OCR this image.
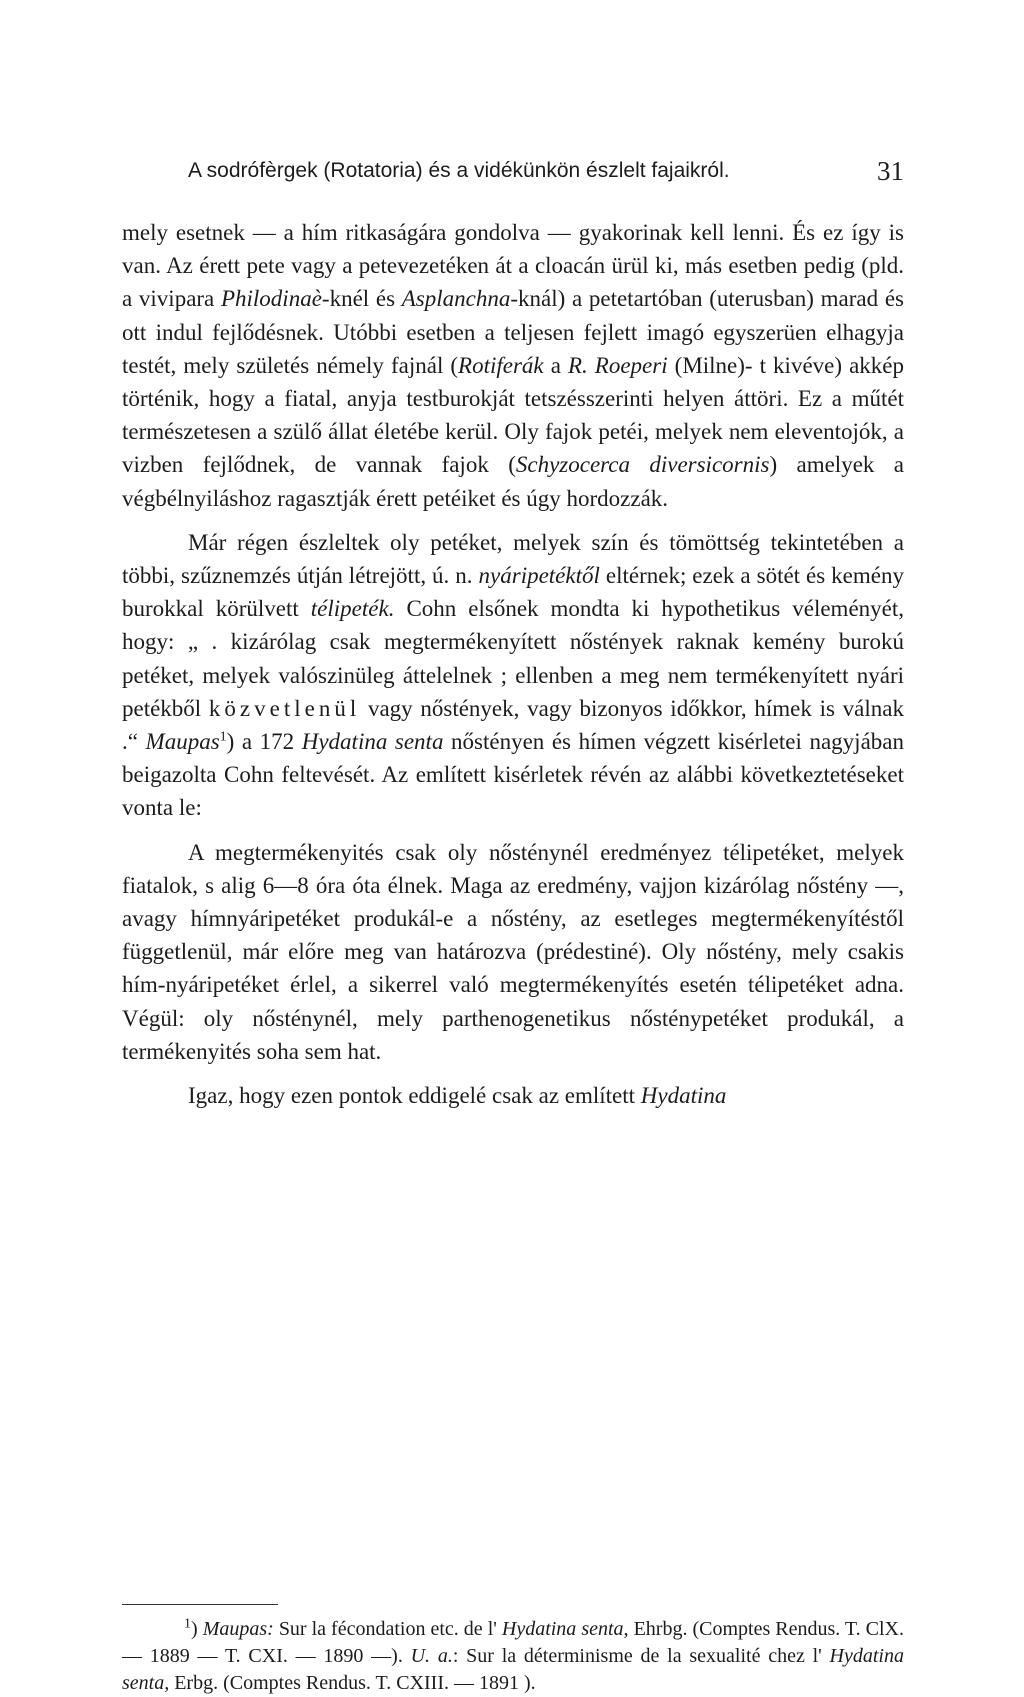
A sodrófèrgek (Rotatoria) és a vidékünkön észlelt fajaikról.	31

mely esetnek — a hím ritkaságára gondolva — gyakorinak kell lenni. És ez így is van. Az érett pete vagy a petevezetéken át a cloacán ürül ki, más esetben pedig (pld. a vivipara Philodinaè-knél és Asplanchna-knál) a petetartóban (uterusban) marad és ott indul fejlődésnek. Utóbbi esetben a teljesen fejlett imagó egyszerüen elhagyja testét, mely születés némely fajnál (Rotiferák a R. Roeperi (Milne)- t kivéve) akkép történik, hogy a fiatal, anyja testburokját tetszésszerinti helyen áttöri. Ez a műtét természetesen a szülő állat életébe kerül. Oly fajok petéi, melyek nem eleventojók, a vizben fejlődnek, de vannak fajok (Schyzocerca diversicornis) amelyek a végbélnyiláshoz ragasztják érett petéiket és úgy hordozzák.

Már régen észleltek oly petéket, melyek szín és tömöttség tekintetében a többi, szűznemzés útján létrejött, ú. n. nyáripetéktől eltérnek; ezek a sötét és kemény burokkal körülvett télipeték. Cohn elsőnek mondta ki hypothetikus véleményét, hogy: „ . kizárólag csak megtermékenyített nőstények raknak kemény burokú petéket, melyek valószinüleg áttelelnek ; ellenben a meg nem termékenyített nyári petékből közvetlenül vagy nőstények, vagy bizonyos időkkor, hímek is válnak .“ Maupas$^1$) a 172 Hydatina senta nőstényen és hímen végzett kisérletei nagyjában beigazolta Cohn feltevését. Az említett kisérletek révén az alábbi következtetéseket vonta le:

A megtermékenyités csak oly nősténynél eredményez télipetéket, melyek fiatalok, s alig 6—8 óra óta élnek. Maga az eredmény, vajjon kizárólag nőstény —, avagy hímnyáripetéket produkál-e a nőstény, az esetleges megtermékenyítéstől függetlenül, már előre meg van határozva (prédestiné). Oly nőstény, mely csakis hím-nyáripetéket érlel, a sikerrel való megtermékenyítés esetén télipetéket adna. Végül: oly nősténynél, mely parthenogenetikus nősténypetéket produkál, a termékenyités soha sem hat.

Igaz, hogy ezen pontok eddigelé csak az említett Hydatina

$^1$) Maupas: Sur la fécondation etc. de l' Hydatina senta, Ehrbg. (Comptes Rendus. T. ClX. — 1889 — T. CXI. — 1890 —). U. a.: Sur la déterminisme de la sexualité chez l' Hydatina senta, Erbg. (Comptes Rendus. T. CXIII. — 1891 ).
